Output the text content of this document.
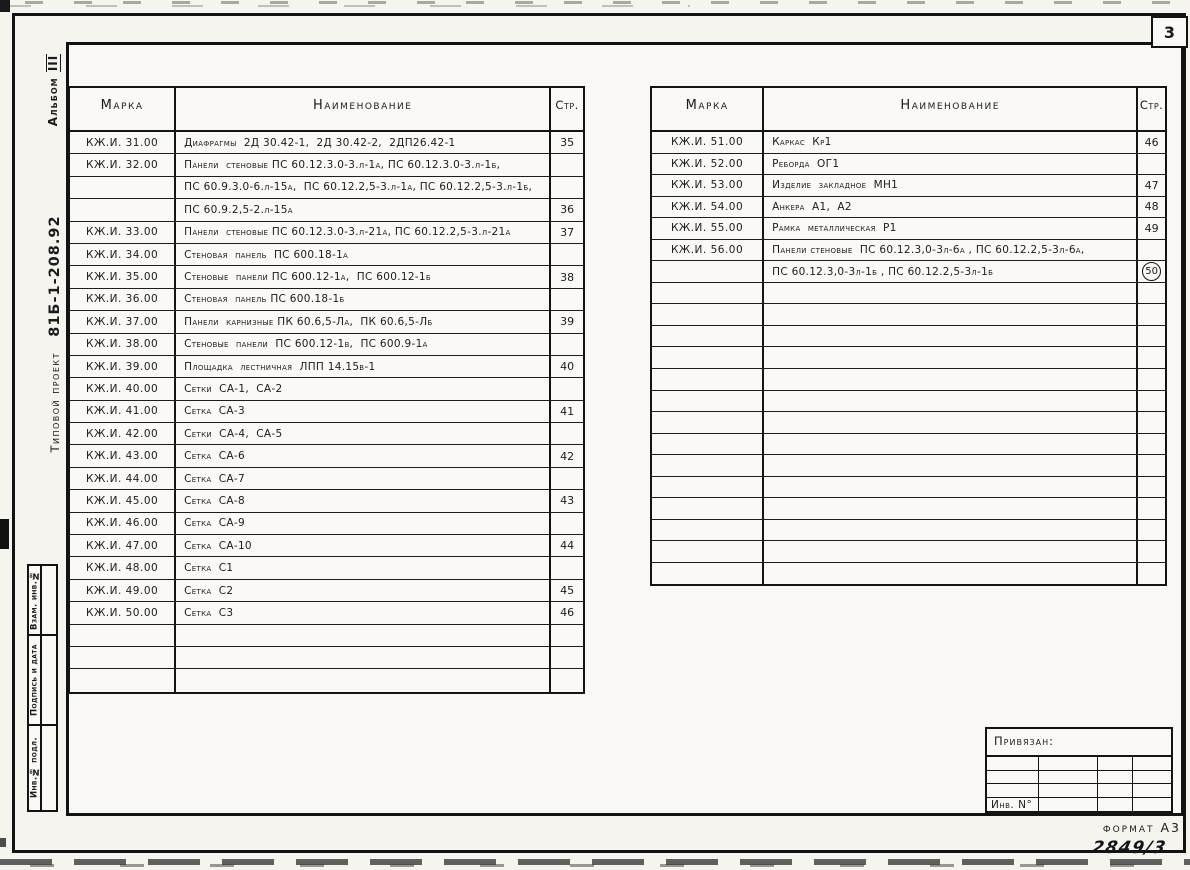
3
Альбом III
Типовой проект   81Б-1-208.92
Взам. инв.№
Подпись и дата
Инв.№ подл.
Марка	Наименование	Стр.
КЖ.И. 31.00	Диафрагмы  2Д 30.42-1,  2Д 30.42-2,  2ДП26.42-1	35
КЖ.И. 32.00	Панели  стеновые ПС 60.12.3.0-3.л-1а, ПС 60.12.3.0-3.л-1б,
ПС 60.9.3.0-6.л-15а,  ПС 60.12.2,5-3.л-1а, ПС 60.12.2,5-3.л-1б,
ПС 60.9.2,5-2.л-15а	36
КЖ.И. 33.00	Панели  стеновые ПС 60.12.3.0-3.л-21а, ПС 60.12.2,5-3.л-21а	37
КЖ.И. 34.00	Стеновая  панель  ПС 600.18-1а
КЖ.И. 35.00	Стеновые  панели ПС 600.12-1а,  ПС 600.12-1б	38
КЖ.И. 36.00	Стеновая  панель ПС 600.18-1б
КЖ.И. 37.00	Панели  карнизные ПК 60.6,5-Ла,  ПК 60.6,5-Лб	39
КЖ.И. 38.00	Стеновые  панели  ПС 600.12-1в,  ПС 600.9-1а
КЖ.И. 39.00	Площадка  лестничная  ЛПП 14.15в-1	40
КЖ.И. 40.00	Сетки  СА-1,  СА-2
КЖ.И. 41.00	Сетка  СА-3	41
КЖ.И. 42.00	Сетки  СА-4,  СА-5
КЖ.И. 43.00	Сетка  СА-6	42
КЖ.И. 44.00	Сетка  СА-7
КЖ.И. 45.00	Сетка  СА-8	43
КЖ.И. 46.00	Сетка  СА-9
КЖ.И. 47.00	Сетка  СА-10	44
КЖ.И. 48.00	Сетка  С1
КЖ.И. 49.00	Сетка  С2	45
КЖ.И. 50.00	Сетка  С3	46
Марка	Наименование	Стр.
КЖ.И. 51.00	Каркас  Кр1	46
КЖ.И. 52.00	Реборда  ОГ1
КЖ.И. 53.00	Изделие  закладное  МН1	47
КЖ.И. 54.00	Анкера  А1,  А2	48
КЖ.И. 55.00	Рамка  металлическая  Р1	49
КЖ.И. 56.00	Панели стеновые  ПС 60.12.3,0-3л-6а , ПС 60.12.2,5-3л-6а,
ПС 60.12.3,0-3л-1б , ПС 60.12.2,5-3л-1б	50
Привязан:
Инв. N°
формат А3
2849/3
